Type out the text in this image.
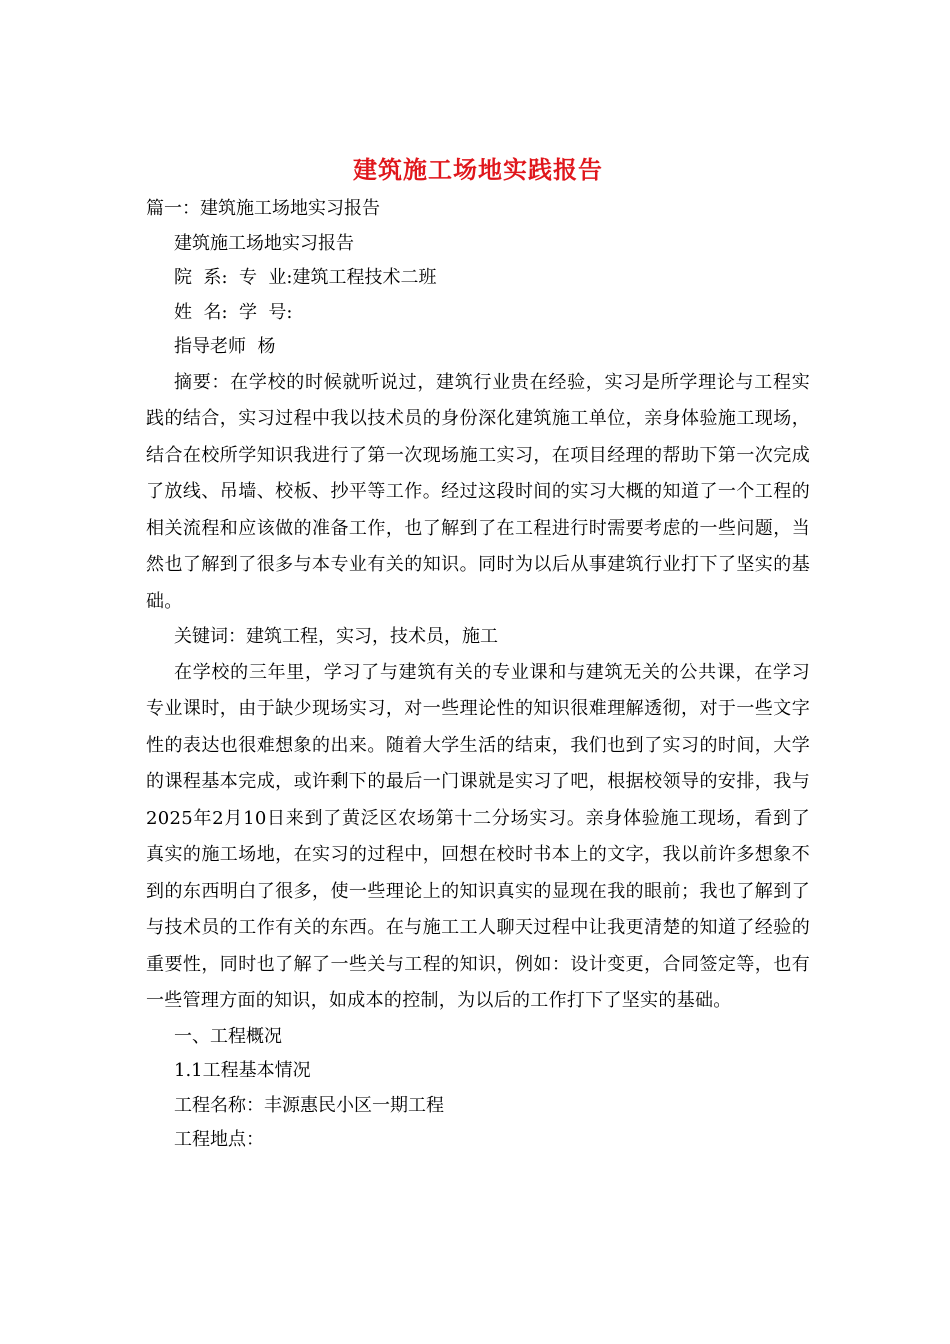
建筑施工场地实践报告

篇一：建筑施工场地实习报告

建筑施工场地实习报告

院  系:  专  业:建筑工程技术二班

姓  名:  学  号:

指导老师  杨

摘要：在学校的时候就听说过，建筑行业贵在经验，实习是所学理论与工程实践的结合，实习过程中我以技术员的身份深化建筑施工单位，亲身体验施工现场，结合在校所学知识我进行了第一次现场施工实习，在项目经理的帮助下第一次完成了放线、吊墙、校板、抄平等工作。经过这段时间的实习大概的知道了一个工程的相关流程和应该做的准备工作，也了解到了在工程进行时需要考虑的一些问题，当然也了解到了很多与本专业有关的知识。同时为以后从事建筑行业打下了坚实的基础。

关键词：建筑工程，实习，技术员，施工

在学校的三年里，学习了与建筑有关的专业课和与建筑无关的公共课，在学习专业课时，由于缺少现场实习，对一些理论性的知识很难理解透彻，对于一些文字性的表达也很难想象的出来。随着大学生活的结束，我们也到了实习的时间，大学的课程基本完成，或许剩下的最后一门课就是实习了吧，根据校领导的安排，我与2025年2月10日来到了黄泛区农场第十二分场实习。亲身体验施工现场，看到了真实的施工场地，在实习的过程中，回想在校时书本上的文字，我以前许多想象不到的东西明白了很多，使一些理论上的知识真实的显现在我的眼前；我也了解到了与技术员的工作有关的东西。在与施工工人聊天过程中让我更清楚的知道了经验的重要性，同时也了解了一些关与工程的知识，例如：设计变更，合同签定等，也有一些管理方面的知识，如成本的控制，为以后的工作打下了坚实的基础。

一、工程概况

1.1工程基本情况

工程名称：丰源惠民小区一期工程

工程地点：
